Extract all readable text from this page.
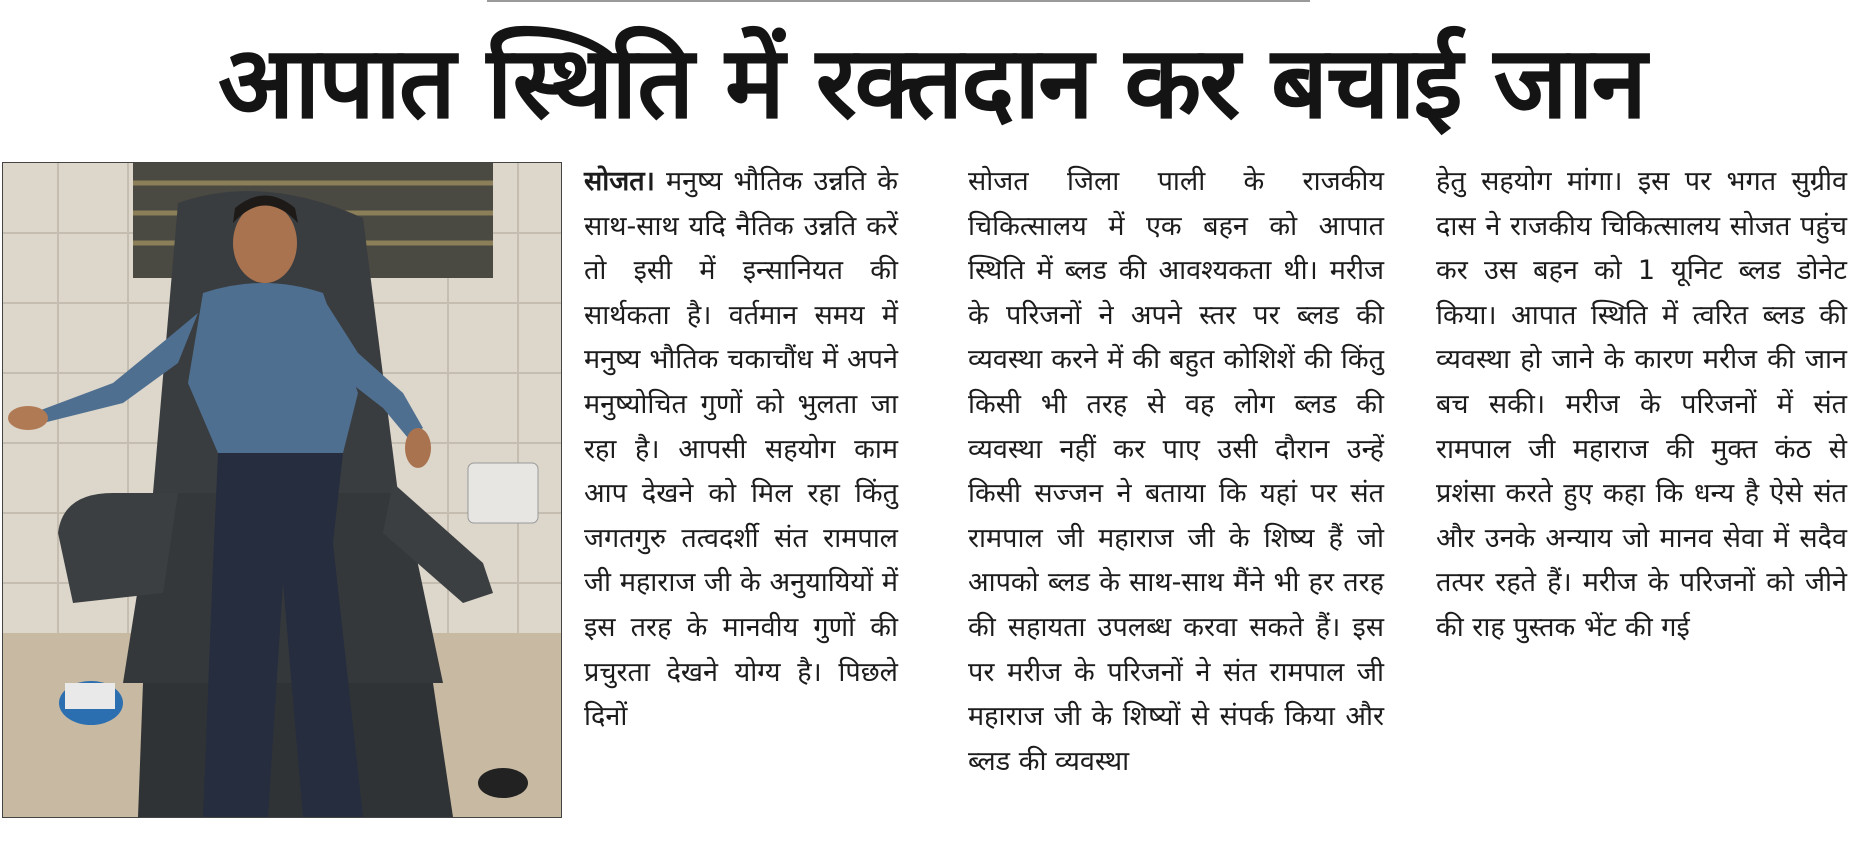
आपात स्थिति में रक्तदान कर बचाई जान
सोजत। मनुष्य भौतिक उन्नति के साथ-साथ यदि नैतिक उन्नति करें तो इसी में इन्सानियत की सार्थकता है। वर्तमान समय में मनुष्य भौतिक चकाचौंध में अपने मनुष्योचित गुणों को भुलता जा रहा है। आपसी सहयोग काम आप देखने को मिल रहा किंतु जगतगुरु तत्वदर्शी संत रामपाल जी महाराज जी के अनुयायियों में इस तरह के मानवीय गुणों की प्रचुरता देखने योग्य है। पिछले दिनों
सोजत जिला पाली के राजकीय चिकित्सालय में एक बहन को आपात स्थिति में ब्लड की आवश्यकता थी। मरीज के परिजनों ने अपने स्तर पर ब्लड की व्यवस्था करने में की बहुत कोशिशें की किंतु किसी भी तरह से वह लोग ब्लड की व्यवस्था नहीं कर पाए उसी दौरान उन्हें किसी सज्जन ने बताया कि यहां पर संत रामपाल जी महाराज जी के शिष्य हैं जो आपको ब्लड के साथ-साथ मैंने भी हर तरह की सहायता उपलब्ध करवा सकते हैं। इस पर मरीज के परिजनों ने संत रामपाल जी महाराज जी के शिष्यों से संपर्क किया और ब्लड की व्यवस्था
हेतु सहयोग मांगा। इस पर भगत सुग्रीव दास ने राजकीय चिकित्सालय सोजत पहुंच कर उस बहन को 1 यूनिट ब्लड डोनेट किया। आपात स्थिति में त्वरित ब्लड की व्यवस्था हो जाने के कारण मरीज की जान बच सकी। मरीज के परिजनों में संत रामपाल जी महाराज की मुक्त कंठ से प्रशंसा करते हुए कहा कि धन्य है ऐसे संत और उनके अन्याय जो मानव सेवा में सदैव तत्पर रहते हैं। मरीज के परिजनों को जीने की राह पुस्तक भेंट की गई
